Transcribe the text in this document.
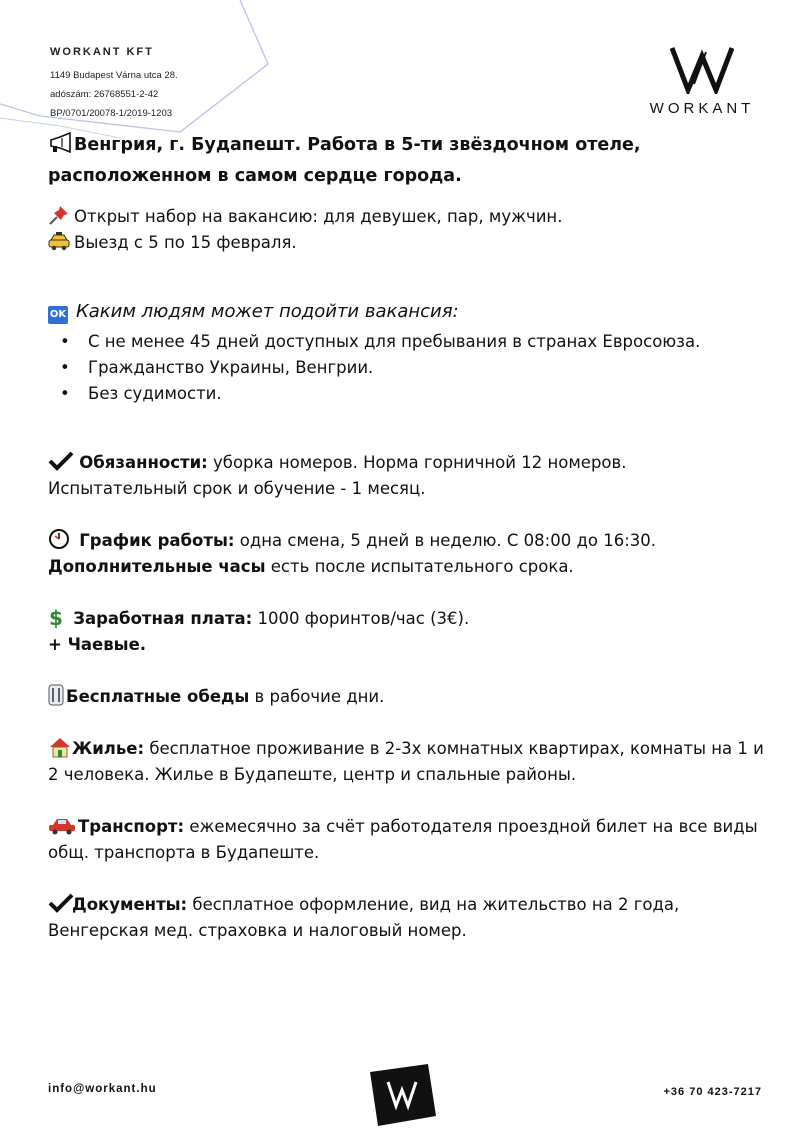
WORKANT KFT
1149 Budapest Várna utca 28.
adószám: 26768551-2-42
BP/0701/20078-1/2019-1203	WORKANT

Венгрия, г. Будапешт. Работа в 5-ти звёздочном отеле, расположенном в самом сердце города.

Открыт набор на вакансию: для девушек, пар, мужчин.

Выезд с 5 по 15 февраля.

OK Каким людям может подойти вакансия:

• С не менее 45 дней доступных для пребывания в странах Евросоюза.
• Гражданство Украины, Венгрии.
• Без судимости.

Обязанности: уборка номеров. Норма горничной 12 номеров.
Испытательный срок и обучение - 1 месяц.

График работы: одна смена, 5 дней в неделю. С 08:00 до 16:30.
Дополнительные часы есть после испытательного срока.

$ Заработная плата: 1000 форинтов/час (3€).
+ Чаевые.

Бесплатные обеды в рабочие дни.

Жилье: бесплатное проживание в 2-3х комнатных квартирах, комнаты на 1 и 2 человека. Жилье в Будапеште, центр и спальные районы.

Транспорт: ежемесячно за счёт работодателя проездной билет на все виды общ. транспорта в Будапеште.

Документы: бесплатное оформление, вид на жительство на 2 года, Венгерская мед. страховка и налоговый номер.

info@workant.hu	+36 70 423-7217
